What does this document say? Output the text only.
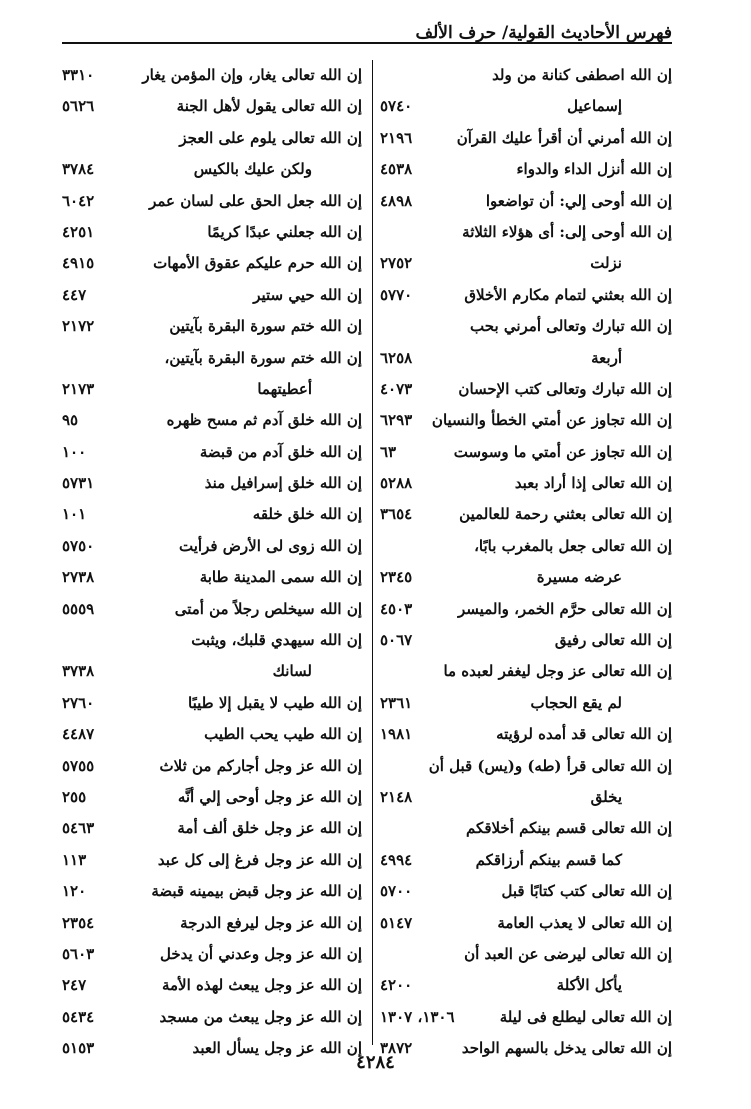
فهرس الأحاديث القولية/ حرف الألف
إن الله اصطفى كنانة من ولد
إسماعيل
٥٧٤٠
إن الله أمرني أن أقرأ عليك القرآن
٢١٩٦
إن الله أنزل الداء والدواء
٤٥٣٨
إن الله أوحى إلي: أن تواضعوا
٤٨٩٨
إن الله أوحى إلى: أى هؤلاء الثلاثة
نزلت
٢٧٥٢
إن الله بعثني لتمام مكارم الأخلاق
٥٧٧٠
إن الله تبارك وتعالى أمرني بحب
أربعة
٦٢٥٨
إن الله تبارك وتعالى كتب الإحسان
٤٠٧٣
إن الله تجاوز عن أمتي الخطأ والنسيان
٦٢٩٣
إن الله تجاوز عن أمتي ما وسوست
٦٣
إن الله تعالى إذا أراد بعبد
٥٢٨٨
إن الله تعالى بعثني رحمة للعالمين
٣٦٥٤
إن الله تعالى جعل بالمغرب بابًا،
عرضه مسيرة
٢٣٤٥
إن الله تعالى حرَّم الخمر، والميسر
٤٥٠٣
إن الله تعالى رفيق
٥٠٦٧
إن الله تعالى عز وجل ليغفر لعبده ما
لم يقع الحجاب
٢٣٦١
إن الله تعالى قد أمده لرؤيته
١٩٨١
إن الله تعالى قرأ (طه) و(يس) قبل أن
يخلق
٢١٤٨
إن الله تعالى قسم بينكم أخلاقكم
كما قسم بينكم أرزاقكم
٤٩٩٤
إن الله تعالى كتب كتابًا قبل
٥٧٠٠
إن الله تعالى لا يعذب العامة
٥١٤٧
إن الله تعالى ليرضى عن العبد أن
يأكل الأكلة
٤٢٠٠
إن الله تعالى ليطلع فى ليلة
١٣٠٦، ١٣٠٧
إن الله تعالى يدخل بالسهم الواحد
٣٨٧٢
إن الله تعالى يغار، وإن المؤمن يغار
٣٣١٠
إن الله تعالى يقول لأهل الجنة
٥٦٢٦
إن الله تعالى يلوم على العجز
ولكن عليك بالكيس
٣٧٨٤
إن الله جعل الحق على لسان عمر
٦٠٤٢
إن الله جعلني عبدًا كريمًا
٤٢٥١
إن الله حرم عليكم عقوق الأمهات
٤٩١٥
إن الله حيي ستير
٤٤٧
إن الله ختم سورة البقرة بآيتين
٢١٧٢
إن الله ختم سورة البقرة بآيتين،
أعطيتهما
٢١٧٣
إن الله خلق آدم ثم مسح ظهره
٩٥
إن الله خلق آدم من قبضة
١٠٠
إن الله خلق إسرافيل منذ
٥٧٣١
إن الله خلق خلقه
١٠١
إن الله زوى لى الأرض فرأيت
٥٧٥٠
إن الله سمى المدينة طابة
٢٧٣٨
إن الله سيخلص رجلاً من أمتى
٥٥٥٩
إن الله سيهدي قلبك، ويثبت
لسانك
٣٧٣٨
إن الله طيب لا يقبل إلا طيبًا
٢٧٦٠
إن الله طيب يحب الطيب
٤٤٨٧
إن الله عز وجل أجاركم من ثلاث
٥٧٥٥
إن الله عز وجل أوحى إلي أنَّه
٢٥٥
إن الله عز وجل خلق ألف أمة
٥٤٦٣
إن الله عز وجل فرغ إلى كل عبد
١١٣
إن الله عز وجل قبض بيمينه قبضة
١٢٠
إن الله عز وجل ليرفع الدرجة
٢٣٥٤
إن الله عز وجل وعدني أن يدخل
٥٦٠٣
إن الله عز وجل يبعث لهذه الأمة
٢٤٧
إن الله عز وجل يبعث من مسجد
٥٤٣٤
إن الله عز وجل يسأل العبد
٥١٥٣
٤٢٨٤
